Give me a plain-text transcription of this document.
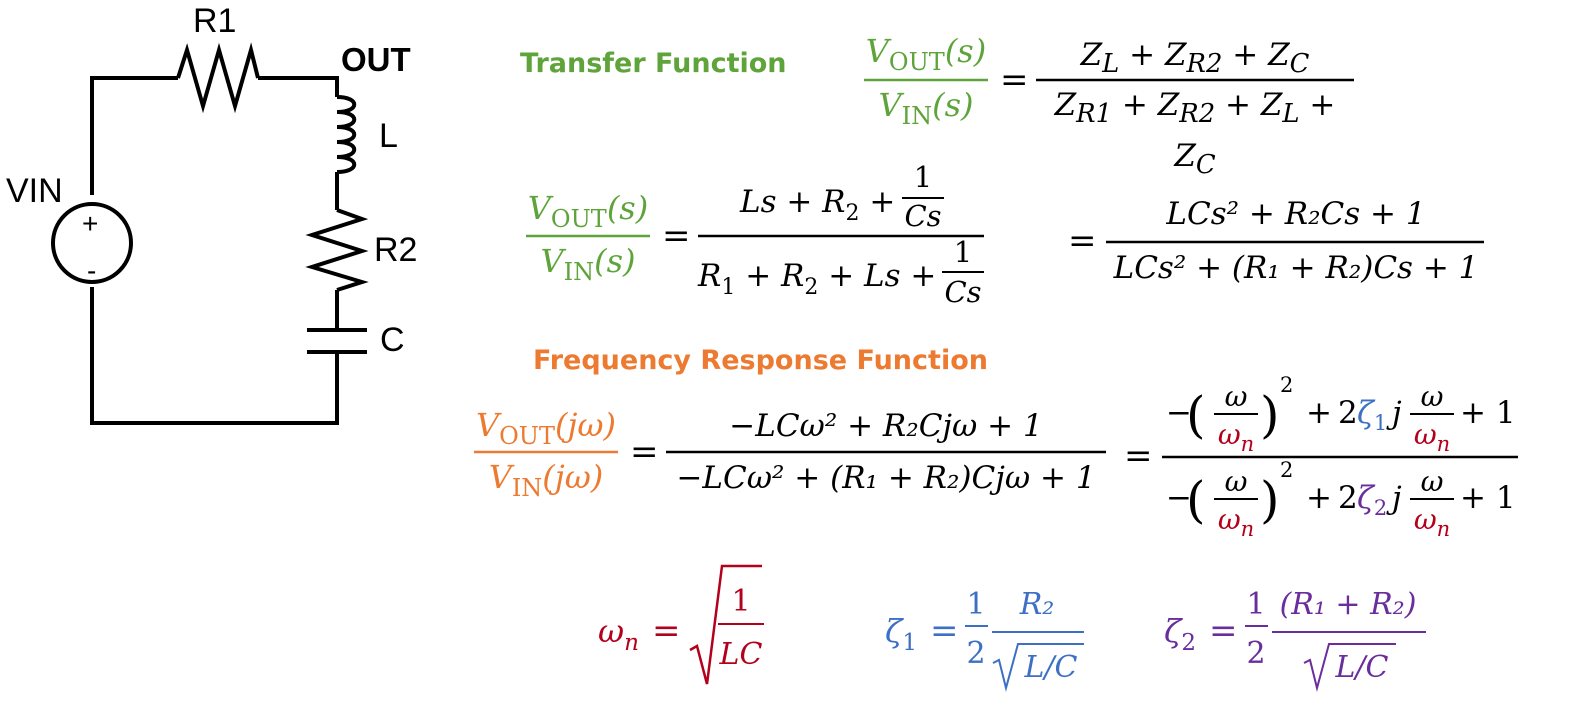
R1
OUT
L
VIN
+
-
R2
C
Transfer Function
Frequency Response Function
$V_{OUT}(s)$
$V_{IN}(s)$
=
$Z_L + Z_{R2} + Z_C$
$Z_{R1} + Z_{R2} + Z_L + Z_C$
$V_{OUT}(s)$
$V_{IN}(s)$
=
$Ls + R_2$ +
1
Cs
$R_1 + R_2 + Ls$ +
1
Cs
=
LCs² + R₂Cs + 1
LCs² + (R₁ + R₂)Cs + 1
$V_{OUT}(j\omega)$
$V_{IN}(j\omega)$
=
−LCω² + R₂Cjω + 1
−LCω² + (R₁ + R₂)Cjω + 1
=
−
( ω
$\omega_n$ )
2
+ 2 $\zeta_1$ j ω
$\omega_n$
+ 1
−
( ω
$\omega_n$ )
2
+ 2 $\zeta_2$ j ω
$\omega_n$
+ 1
$\omega_n$ =
1
LC
$\zeta_1$ =
1
2
R₂
L/C
$\zeta_2$ =
1
2
(R₁ + R₂)
L/C
